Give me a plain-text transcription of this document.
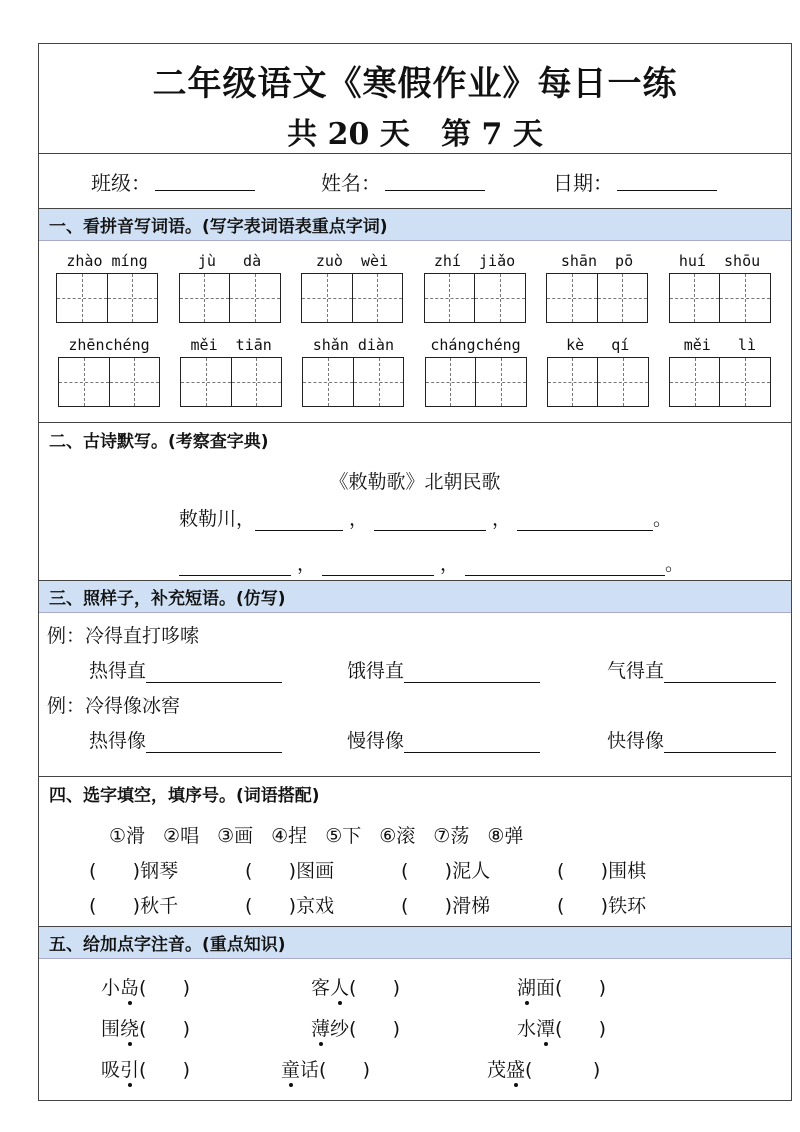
二年级语文《寒假作业》每日一练
共 20 天   第 7 天
班级：	姓名：	日期：
一、看拼音写词语。(写字表词语表重点字词)
zhào míng	jù   dà	zuò  wèi	zhí  jiǎo	shān  pō	huí  shōu
zhēnchéng	měi  tiān	shǎn diàn	chángchéng	kè   qí	měi   lì
二、古诗默写。(考察查字典)
《敕勒歌》北朝民歌
敕勒川，	，	，	。
，	，	。
三、照样子，补充短语。(仿写)
例：冷得直打哆嗦
热得直	饿得直	气得直
例：冷得像冰窖
热得像	慢得像	快得像
四、选字填空，填序号。(词语搭配)
①滑 ②唱 ③画 ④捏 ⑤下 ⑥滚 ⑦荡 ⑧弹
(      )钢琴	(      )图画	(      )泥人	(      )围棋
(      )秋千	(      )京戏	(      )滑梯	(      )铁环
五、给加点字注音。(重点知识)
小岛(      )	客人(      )	湖面(      )
围绕(      )	薄纱(      )	水潭(      )
吸引(      )	童话(      )	茂盛(          )
